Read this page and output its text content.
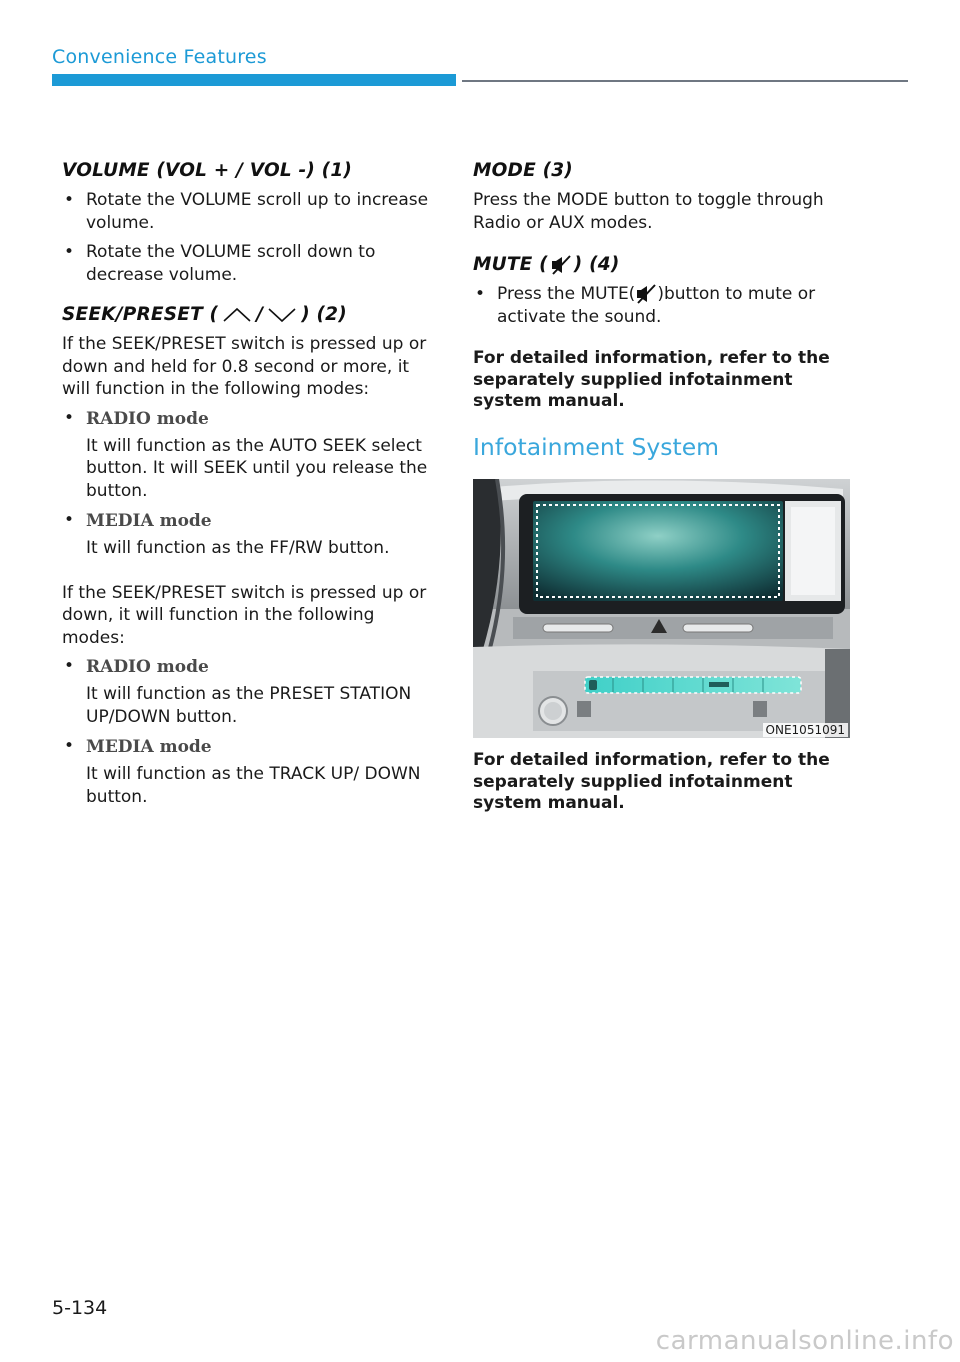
Convenience Features
VOLUME (VOL + / VOL -) (1)
• Rotate the VOLUME scroll up to increase volume.
• Rotate the VOLUME scroll down to decrease volume.
SEEK/PRESET ( / ) (2)

If the SEEK/PRESET switch is pressed up or down and held for 0.8 second or more, it will function in the following modes:

• RADIO mode
It will function as the AUTO SEEK select button. It will SEEK until you release the button.
• MEDIA mode
It will function as the FF/RW button.

If the SEEK/PRESET switch is pressed up or down, it will function in the following modes:

• RADIO mode
It will function as the PRESET STATION UP/DOWN button.
• MEDIA mode
It will function as the TRACK UP/ DOWN button.
MODE (3)

Press the MODE button to toggle through Radio or AUX modes.

MUTE ( ) (4)
• Press the MUTE( )button to mute or activate the sound.

For detailed information, refer to the separately supplied infotainment system manual.

Infotainment System
ONE1051091

For detailed information, refer to the separately supplied infotainment system manual.

5-134
carmanualsonline.info
